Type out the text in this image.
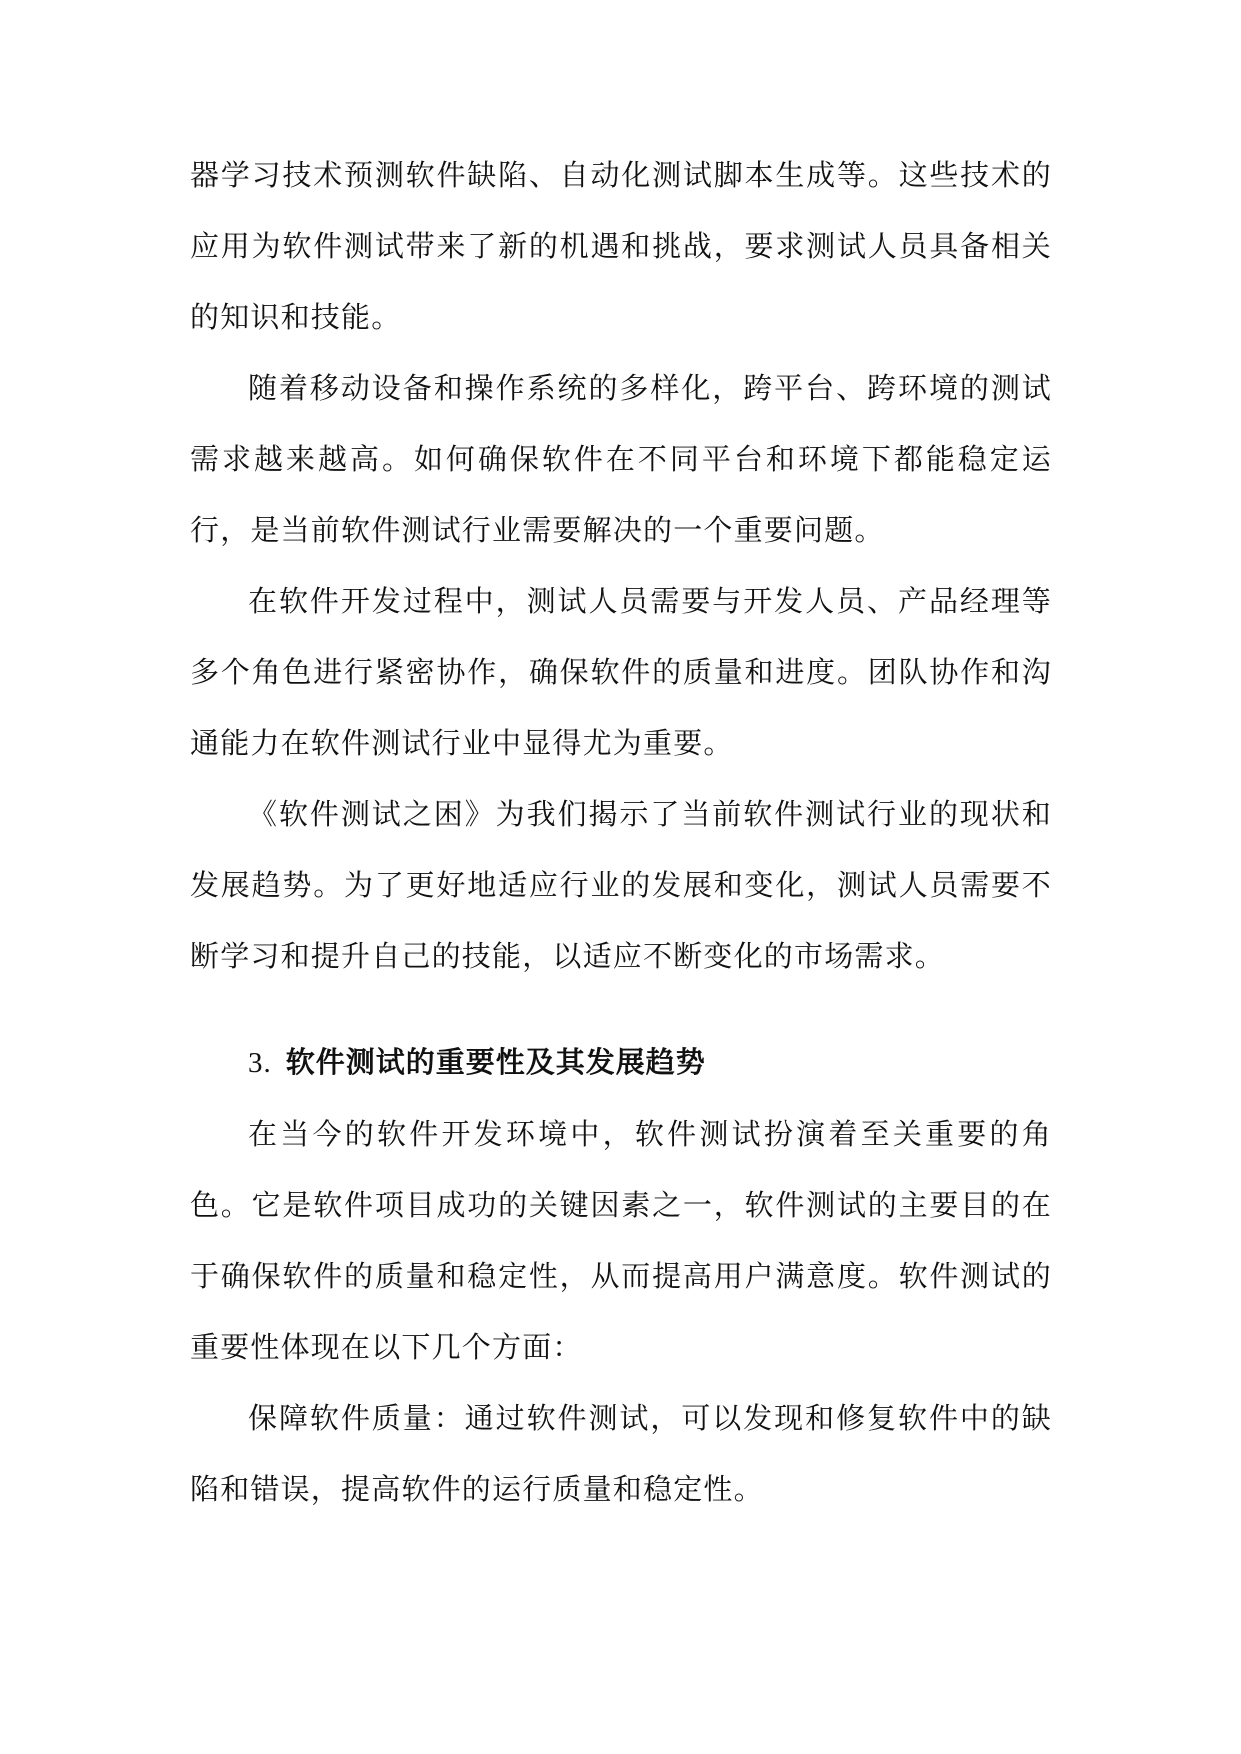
器学习技术预测软件缺陷、自动化测试脚本生成等。这些技术的应用为软件测试带来了新的机遇和挑战，要求测试人员具备相关的知识和技能。

随着移动设备和操作系统的多样化，跨平台、跨环境的测试需求越来越高。如何确保软件在不同平台和环境下都能稳定运行，是当前软件测试行业需要解决的一个重要问题。

在软件开发过程中，测试人员需要与开发人员、产品经理等多个角色进行紧密协作，确保软件的质量和进度。团队协作和沟通能力在软件测试行业中显得尤为重要。

《软件测试之困》为我们揭示了当前软件测试行业的现状和发展趋势。为了更好地适应行业的发展和变化，测试人员需要不断学习和提升自己的技能，以适应不断变化的市场需求。

3. 软件测试的重要性及其发展趋势

在当今的软件开发环境中，软件测试扮演着至关重要的角色。它是软件项目成功的关键因素之一，软件测试的主要目的在于确保软件的质量和稳定性，从而提高用户满意度。软件测试的重要性体现在以下几个方面：

保障软件质量：通过软件测试，可以发现和修复软件中的缺陷和错误，提高软件的运行质量和稳定性。
